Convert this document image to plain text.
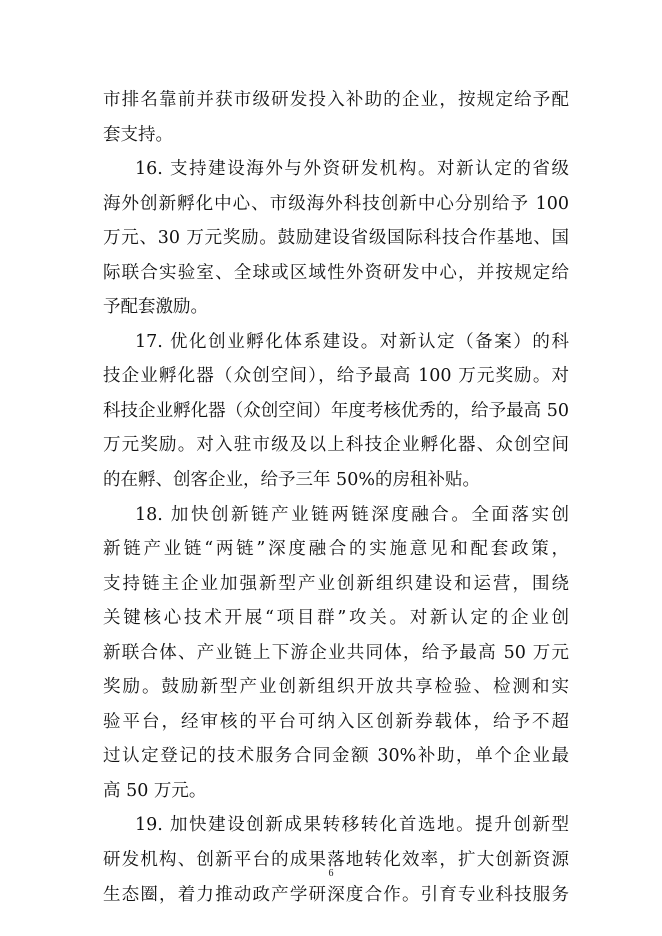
市排名靠前并获市级研发投入补助的企业，按规定给予配
套支持。
16. 支持建设海外与外资研发机构。对新认定的省级
海外创新孵化中心、市级海外科技创新中心分别给予 100
万元、30 万元奖励。鼓励建设省级国际科技合作基地、国
际联合实验室、全球或区域性外资研发中心，并按规定给
予配套激励。
17. 优化创业孵化体系建设。对新认定（备案）的科
技企业孵化器（众创空间），给予最高 100 万元奖励。对
科技企业孵化器（众创空间）年度考核优秀的，给予最高 50
万元奖励。对入驻市级及以上科技企业孵化器、众创空间
的在孵、创客企业，给予三年 50%的房租补贴。
18. 加快创新链产业链两链深度融合。全面落实创
新链产业链“两链”深度融合的实施意见和配套政策，
支持链主企业加强新型产业创新组织建设和运营，围绕
关键核心技术开展“项目群”攻关。对新认定的企业创
新联合体、产业链上下游企业共同体，给予最高 50 万元
奖励。鼓励新型产业创新组织开放共享检验、检测和实
验平台，经审核的平台可纳入区创新券载体，给予不超
过认定登记的技术服务合同金额 30%补助，单个企业最
高 50 万元。
19. 加快建设创新成果转移转化首选地。提升创新型
研发机构、创新平台的成果落地转化效率，扩大创新资源
生态圈，着力推动政产学研深度合作。引育专业科技服务
6
